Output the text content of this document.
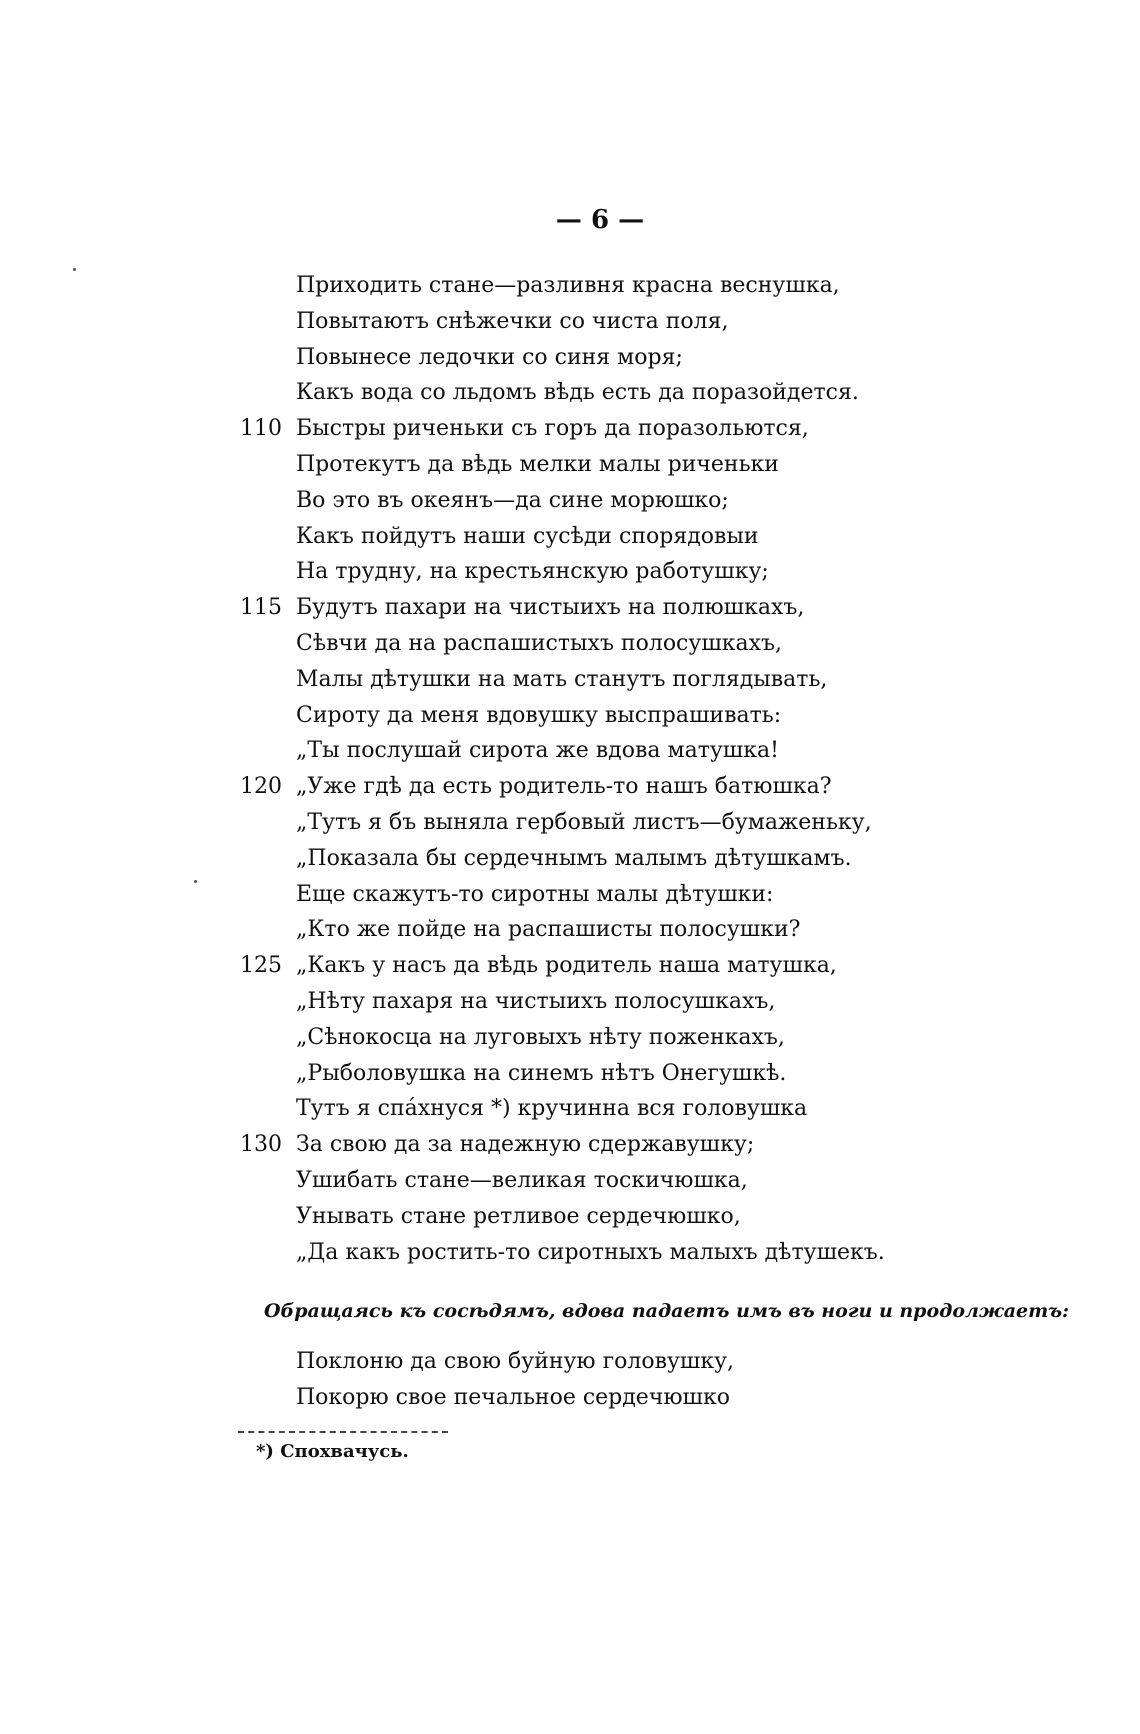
— 6 —
Приходить стане—разливня красна веснушка,
Повытаютъ снѣжечки со чиста поля,
Повынесе ледочки со синя моря;
Какъ вода со льдомъ вѣдь есть да поразойдется.
110 Быстры риченьки съ горъ да поразольются,
Протекутъ да вѣдь мелки малы риченьки
Во это въ океянъ—да сине морюшко;
Какъ пойдутъ наши сусѣди спорядовыи
На трудну, на крестьянскую работушку;
115 Будутъ пахари на чистыихъ на полюшкахъ,
Сѣвчи да на распашистыхъ полосушкахъ,
Малы дѣтушки на мать станутъ поглядывать,
Сироту да меня вдовушку выспрашивать:
„Ты послушай сирота же вдова матушка!
120 „Уже гдѣ да есть родитель-то нашъ батюшка?
„Тутъ я бъ выняла гербовый листъ—бумаженьку,
„Показала бы сердечнымъ малымъ дѣтушкамъ.
Еще скажутъ-то сиротны малы дѣтушки:
„Кто же пойде на распашисты полосушки?
125 „Какъ у насъ да вѣдь родитель наша матушка,
„Нѣту пахаря на чистыихъ полосушкахъ,
„Сѣнокосца на луговыхъ нѣту поженкахъ,
„Рыболовушка на синемъ нѣтъ Онегушкѣ.
Тутъ я спáхнуся *) кручинна вся головушка
130 За свою да за надежную сдержавушку;
Ушибать стане—великая тоскичюшка,
Унывать стане ретливое сердечюшко,
„Да какъ ростить-то сиротныхъ малыхъ дѣтушекъ.
Обращаясь къ сосѣдямъ, вдова падаетъ имъ въ ноги и продолжаетъ:
Поклоню да свою буйную головушку,
Покорю свое печальное сердечюшко
*) Спохвачусь.
